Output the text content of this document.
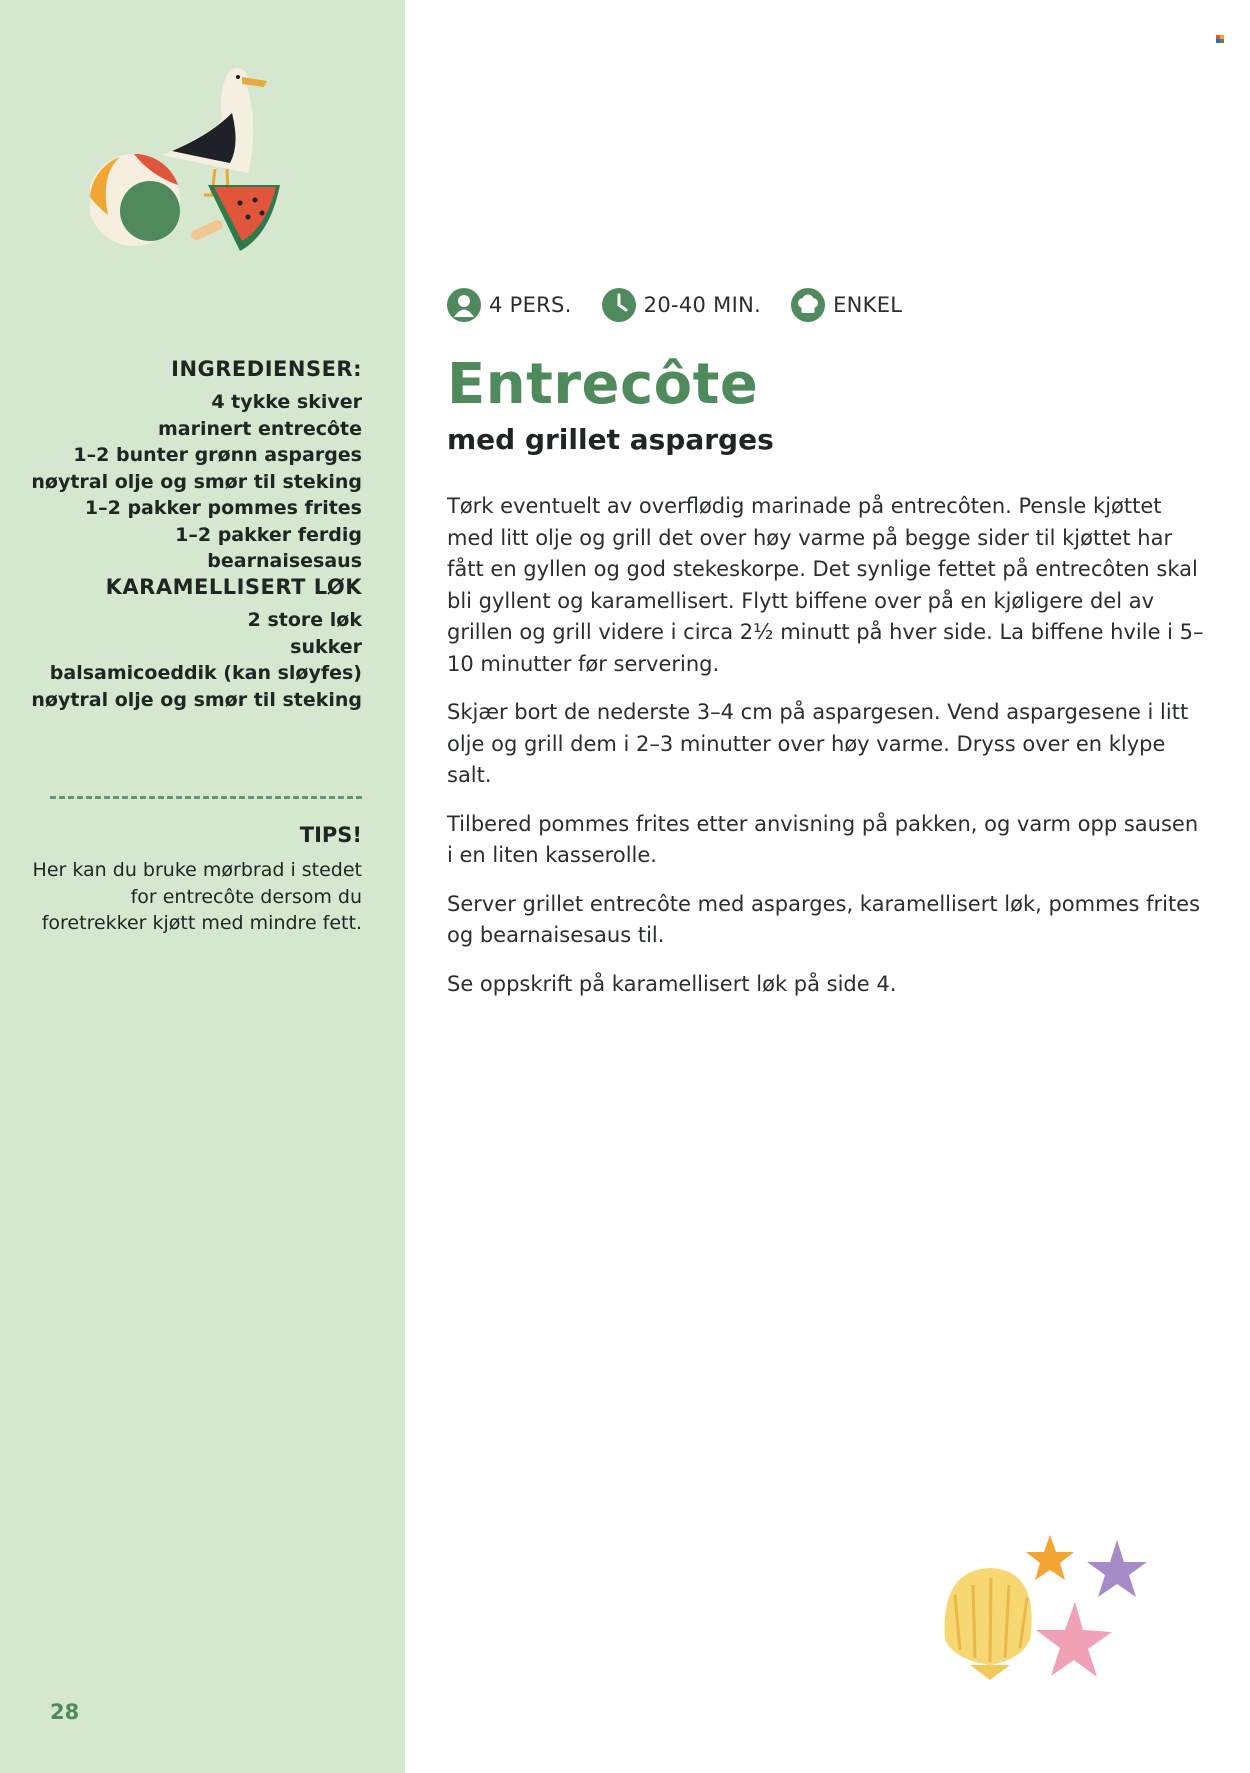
INGREDIENSER:
4 tykke skiver
marinert entrecôte
1–2 bunter grønn asparges
nøytral olje og smør til steking
1–2 pakker pommes frites
1–2 pakker ferdig bearnaisesaus
KARAMELLISERT LØK
2 store løk
sukker
balsamicoeddik (kan sløyfes)
nøytral olje og smør til steking
TIPS!

Her kan du bruke mørbrad i stedet for entrecôte dersom du foretrekker kjøtt med mindre fett.

28
4 PERS.	20-40 MIN.	ENKEL
Entrecôte
med grillet asparges

Tørk eventuelt av overflødig marinade på entrecôten. Pensle kjøttet med litt olje og grill det over høy varme på begge sider til kjøttet har fått en gyllen og god stekeskorpe. Det synlige fettet på entrecôten skal bli gyllent og karamellisert. Flytt biffene over på en kjøligere del av grillen og grill videre i circa 2½ minutt på hver side. La biffene hvile i 5–10 minutter før servering.

Skjær bort de nederste 3–4 cm på aspargesen. Vend aspargesene i litt olje og grill dem i 2–3 minutter over høy varme. Dryss over en klype salt.

Tilbered pommes frites etter anvisning på pakken, og varm opp sausen i en liten kasserolle.

Server grillet entrecôte med asparges, karamellisert løk, pommes frites og bearnaisesaus til.

Se oppskrift på karamellisert løk på side 4.
